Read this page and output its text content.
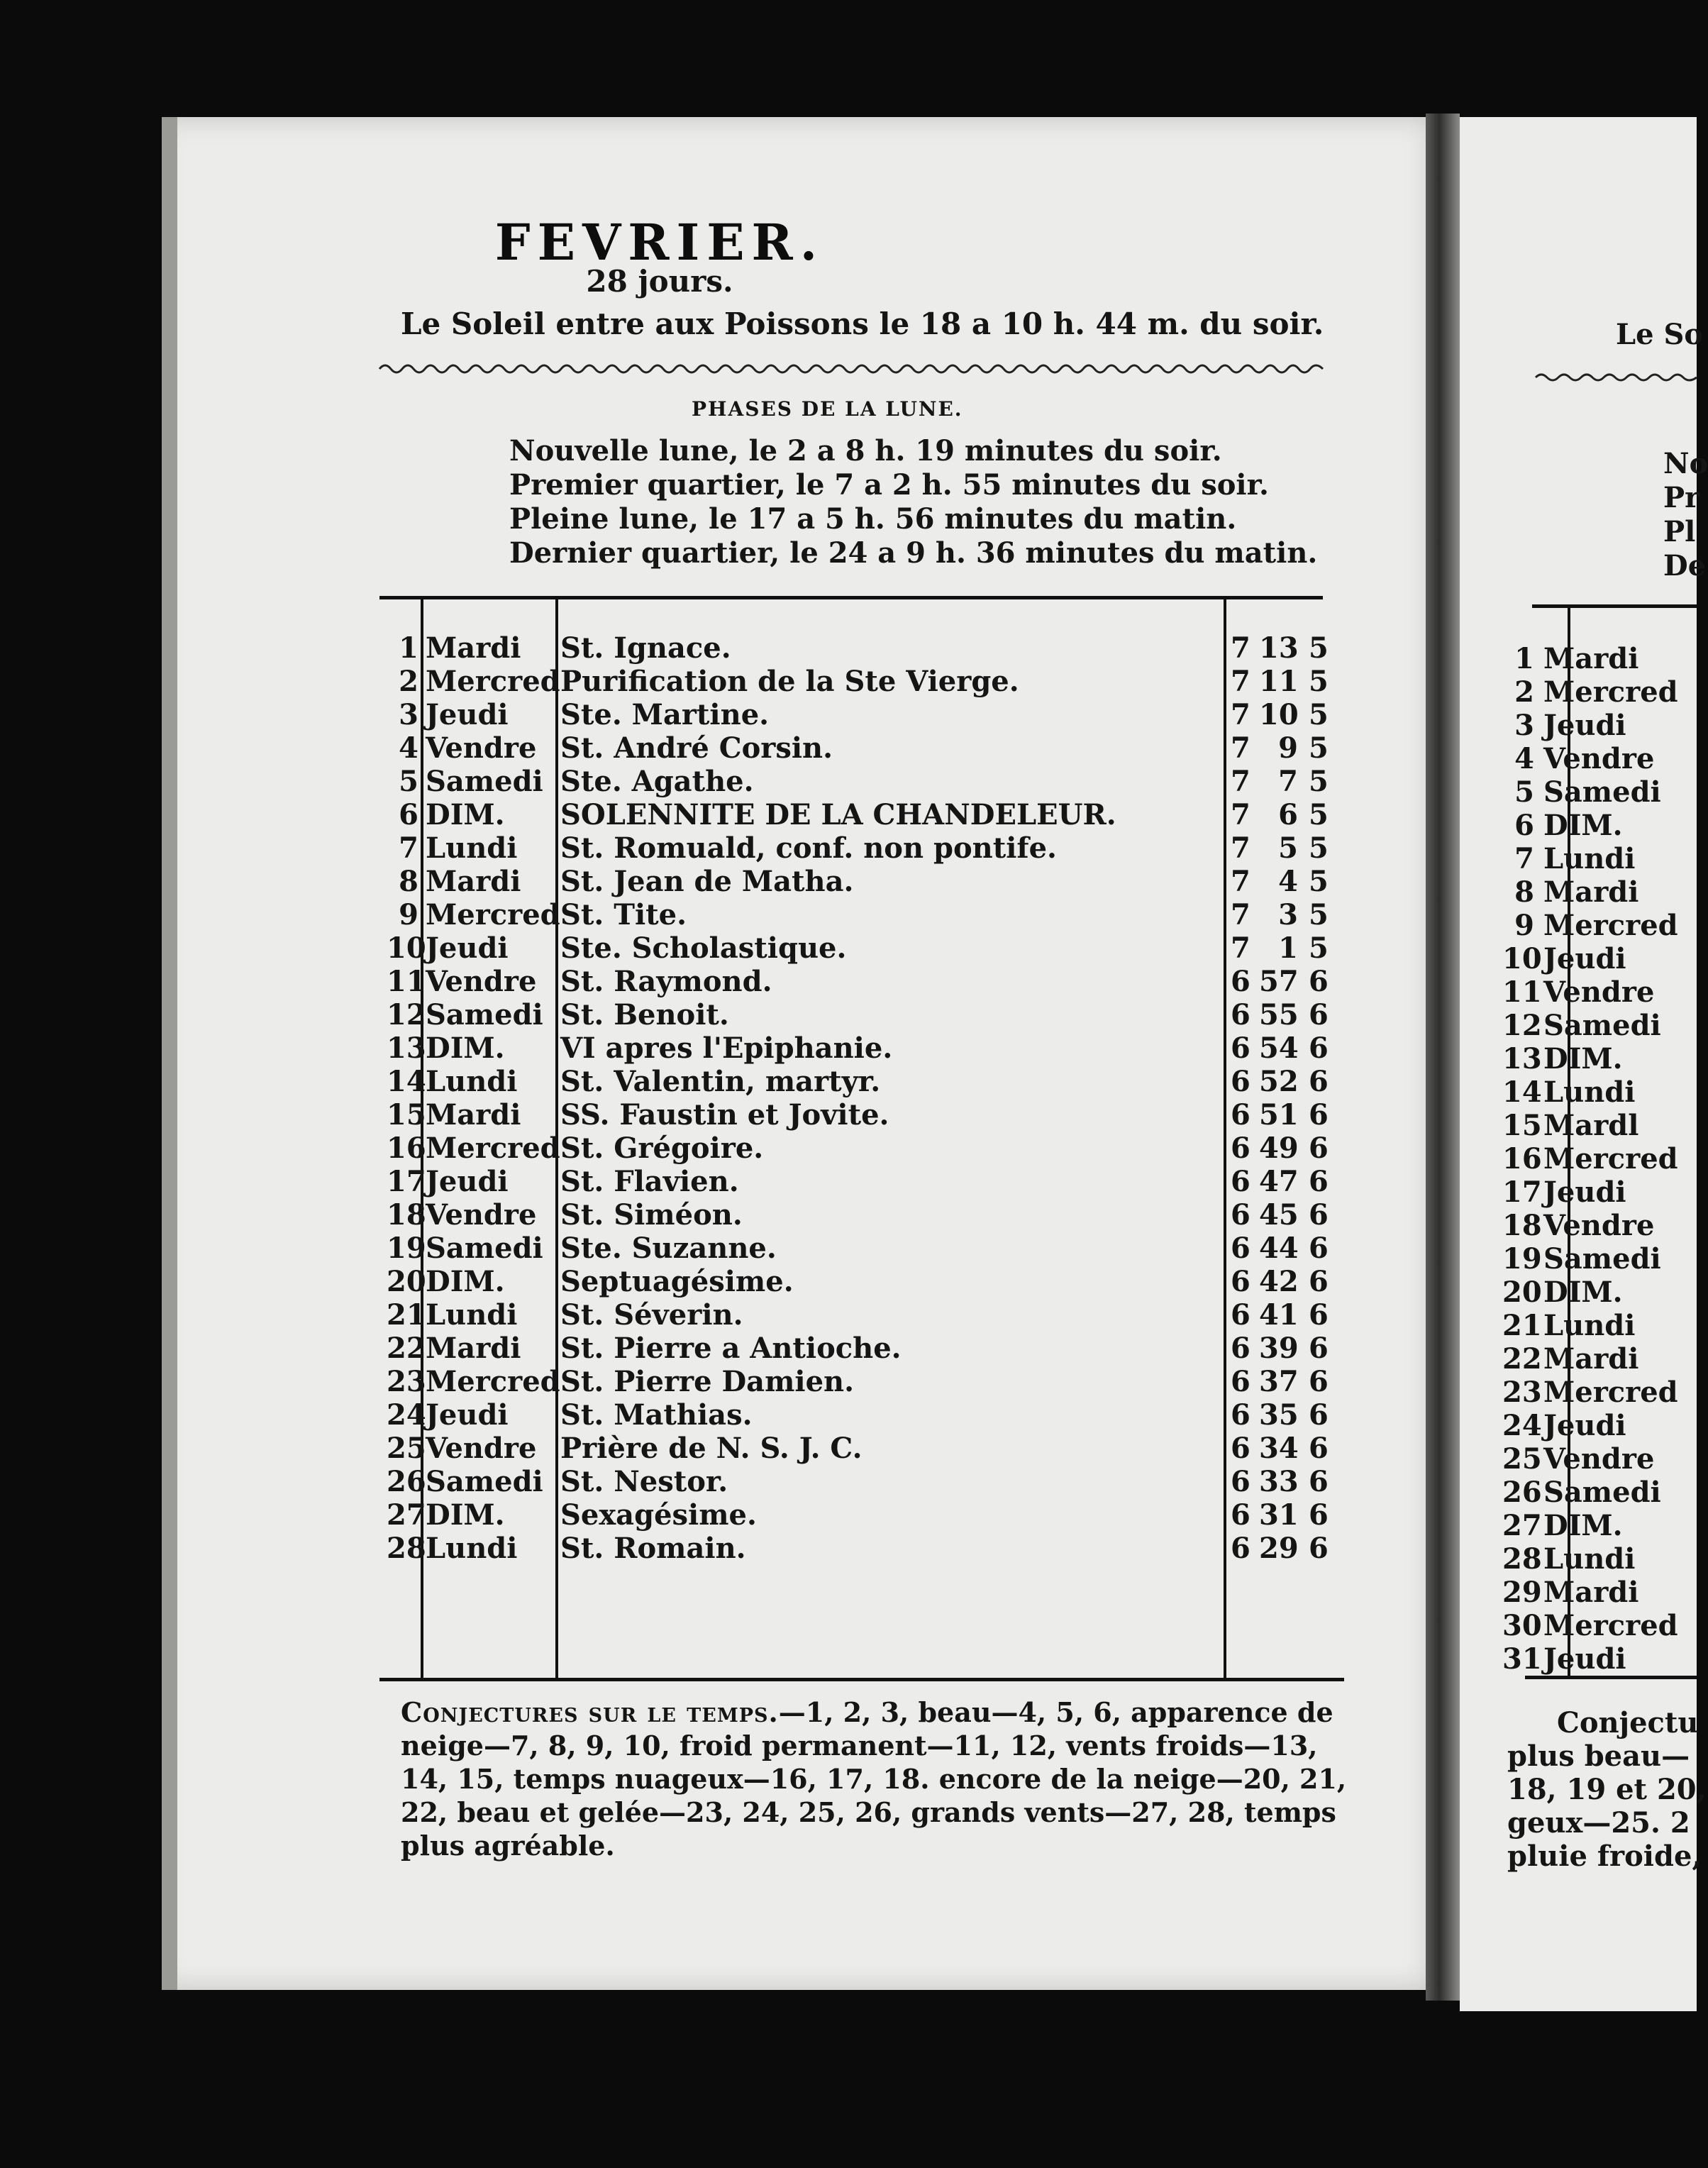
FEVRIER.
28 jours.
Le Soleil entre aux Poissons le 18 a 10 h. 44 m. du soir.
PHASES DE LA LUNE.
Nouvelle lune, le 2 a 8 h. 19 minutes du soir.
Premier quartier, le 7 a 2 h. 55 minutes du soir.
Pleine lune, le 17 a 5 h. 56 minutes du matin.
Dernier quartier, le 24 a 9 h. 36 minutes du matin.
1 Mardi St. Ignace.	7 13 5
2 Mercred Purification de la Ste Vierge.	7 11 5
3 Jeudi Ste. Martine.	7 10 5
4 Vendre St. André Corsin.	7 9 5
5 Samedi Ste. Agathe.	7 7 5
6 DIM. SOLENNITE DE LA CHANDELEUR.	7 6 5
7 Lundi St. Romuald, conf. non pontife.	7 5 5
8 Mardi St. Jean de Matha.	7 4 5
9 Mercred St. Tite.	7 3 5
10 Jeudi Ste. Scholastique.	7 1 5
11 Vendre St. Raymond.	6 57 6
12 Samedi St. Benoit.	6 55 6
13 DIM. VI apres l'Epiphanie.	6 54 6
14 Lundi St. Valentin, martyr.	6 52 6
15 Mardi SS. Faustin et Jovite.	6 51 6
16 Mercred St. Grégoire.	6 49 6
17 Jeudi St. Flavien.	6 47 6
18 Vendre St. Siméon.	6 45 6
19 Samedi Ste. Suzanne.	6 44 6
20 DIM. Septuagésime.	6 42 6
21 Lundi St. Séverin.	6 41 6
22 Mardi St. Pierre a Antioche.	6 39 6
23 Mercred St. Pierre Damien.	6 37 6
24 Jeudi St. Mathias.	6 35 6
25 Vendre Prière de N. S. J. C.	6 34 6
26 Samedi St. Nestor.	6 33 6
27 DIM. Sexagésime.	6 31 6
28 Lundi St. Romain.	6 29 6
Conjectures sur le temps.—1, 2, 3, beau—4, 5, 6, apparence de neige—7, 8, 9, 10, froid permanent—11, 12, vents froids—13, 14, 15, temps nuageux—16, 17, 18. encore de la neige—20, 21, 22, beau et gelée—23, 24, 25, 26, grands vents—27, 28, temps plus agréable.
Le So
No
Pr
Pl
De
1 Mardi
2 Mercred
3 Jeudi
4 Vendre
5 Samedi
6 DIM.
7 Lundi
8 Mardi
9 Mercred
10 Jeudi
11 Vendre
12 Samedi
13 DIM.
14 Lundi
15 Mardl
16 Mercred
17 Jeudi
18 Vendre
19 Samedi
20 DIM.
21 Lundi
22 Mardi
23 Mercred
24 Jeudi
25 Vendre
26 Samedi
27 DIM.
28 Lundi
29 Mardi
30 Mercred
31 Jeudi
Conjectu
plus beau—
18, 19 et 20,
geux—25. 2
pluie froide,
